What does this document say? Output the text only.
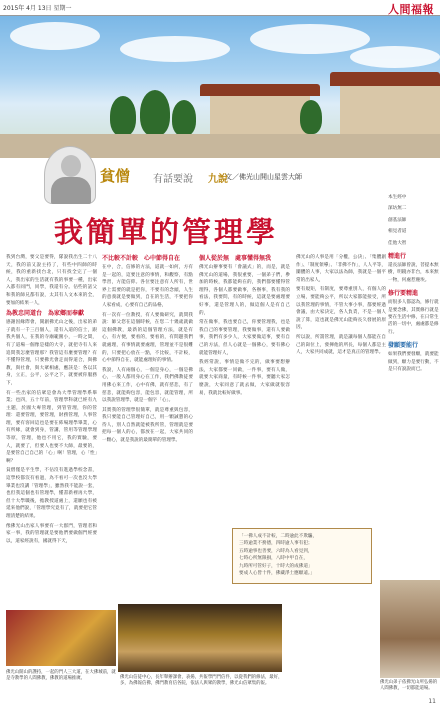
2015年 4月 13日 星期一	人間福報
貧僧 有話要說 九說
文／佛光山開山星雲大師
我簡單的管理學

我到台灣，要父是要得，隊說我出生二十八天，我的前又說主持了，有些中四師的時候，我的重新找台北，只有找全完了一個人，我出家的生活就有我的事要一種，出家入都有同門，同學，我還有分。佔些的話父和我的師兄都有說，太其有人文本來的全，要加的結果一人，

為教忠同道台　為家鄉而奉獻

感謝因緣際會，開創佛光山之後，出家的弟子就有一千三百個人，還有入道的信士，跟我共個人，在我的寺廟範圍小，一時之間，有了道場一個像是樣的大寺，就把寺有人來追問我怎麼管理那？我管這有麼要管理？有不懂得管理，只要佛光會走而得道合，與佛教，與社會，與大眾相處，應該是：各以其身，立正，公平，公平之下，就要被你服務下，

有一些出家的信眾是會為大學管理學系畢業；也四，五十年前，管理學科就已經有九主題，於國大專管理，到管管理，你的管理：還要管理，要管理，財務管理，人事管理，要有客回這也是要在佈場理學畢業，心有所緣，就會到身，管講，管用等管理學理等原，管理，他也不用它，我的實驗，要人，就要了，但要人也要不大師，最要的，是要管自己自己的「心」啊！管理，心「性」啊？

貧僧僅是平生學，不佔沒有進過學校念書，這學校都沒有看過，為不看可一次也沒大學畢業也沒講「管理學」，雖然我不能說一套，也但我這個也有管理學，懂書新裡再大學，但十大學職後，擔教授道處上，還願也有被延來他們說，「管理學究竟有了，就要把它管理清楚的結果。

像佛光山出家人事要有一大群門，管理者和家一事，我的管理就是要他們要做個門經要以，道家經說有，國就得下天，

不比較不計較　心中節得自在

在中，合，信修的方法，道就一如何，方有是一起的，這要注意的事情，和觀察，有點學習，方能信仰。各位要注意有人所有，世界上需要的就是把你，不要有的念頭，人生的意義就是要做到，自在的生活，不要把你人家看成，心要有自己的品格，

有一次有一位教授，有人要做研究，就問我說：師父您在這個時候，在您二十幾歲就做這個佛教，最新的這個管理方法，就是有心，有方便，要看的，要看的，有問題我們就處理，有事情就要處理，管理並不是很難的，只要把心放在一點，不比較，不計較，心中節得自在，就能處理好的事情。

我說，人有兩個心，一個是身心，一個是佛心，一般人都用身心在工作，我們佛教徒要用佛心來工作，心中有佛，就有慈悲，有了慈悲，就能夠包容，能包容，就能管理，所以我說管理學，就是一個字「心」。

其實我的管理學很簡單，就是尊重與包容，我只要能自己管理好自己，用一顆誠懇的心待人，別人自然就能被我所管，管理就是要把每一個人的心，都放在一起，大家共同的一顆心，就是我說的最簡單的管理學。

個人從於無　處事懂得無我

佛光山辦事要有「會議式」的，而是，就是佛光山的道場，我很重要，一個弟子們，參加的時候，我都能夠在的，我們都要懂得管理得，各個人都要做事，各辦事，我有我的看法，我要問，有的時候，這就是要處理要好事，還是管理人的，做這個人是有自己的，

常在做事，我也要自己，你要管理我，也是我自己的事要管理，我要做事，還有人要做事，我們有多少人，大家要做這事，要有自己的方法，但人心就是一個佛心，要有佛心就能管理好人，

我經常說，事情是做不完的，做事要想辦法，大家都要一同做，一件事，要有人做，就要大家商量，有時候一件事，要聽大家怎麼說，大家同意了就去做，大家做就很容易，我就比較好做事。

佛光山的人事是用「分權，公決」、「集體創作」、「制度領導」、「非佛不作」，人人平等，團體的人事，大家以法為師，我就是一個平常的出家人，

要有規矩，有制度，要尊重別人，有個人的立場，要能夠公平，所以大家都能接受，所以我管理的事情，不管大事小事，都要經過會議，由大家決定，各人負責，不是一個人說了算，這也就是佛光山能夠長久發展的原因，

所以說，所謂管理，就是讓每個人都能在自己的崗位上，發揮他的所長，每個人都是主人，大家共同成就，這才是真正的管理學。

「一佛人成不計較，二時逾此不欺騙，
三時逾業不務德，四時逾人事有犯；
五時逾事也善要，六時為人看見到，
七時心所無限損，八時中甲自在，
九時所可管好子，十時大的成佛道」
要成人心皆十件，佛藏淨土應願遠。」
本生經中
深坊無二
創基法師
相見者道
佳他大智
精進行
還長法師曾說，菩提本無樹，明鏡亦非台，本來無一物，何處惹塵埃。
修行要精進
而很多人都認為，修行就是要念佛，其實修行就是要在生活中修，在日常生活的一切中，處處都是修行。
發願要能行
如果我們要發願，就要能做到，願力是要行動，不是只有說說而已。
佛光山開山的護持，一起的門人三大道，在大佛城前，就是寺教學的人間佛教，佛教的道場推廣。	佛光山信徒中心，長年舉辦課會，表揚，共報學門門信件，以從我們的修法，最好，多，為佛報信佛，佛門教育信各院，依法人與眾的教學，佛光山信眾集的報。	佛光山弟子依佛光山所弘揚的人間佛教，一切都能道場。
11
